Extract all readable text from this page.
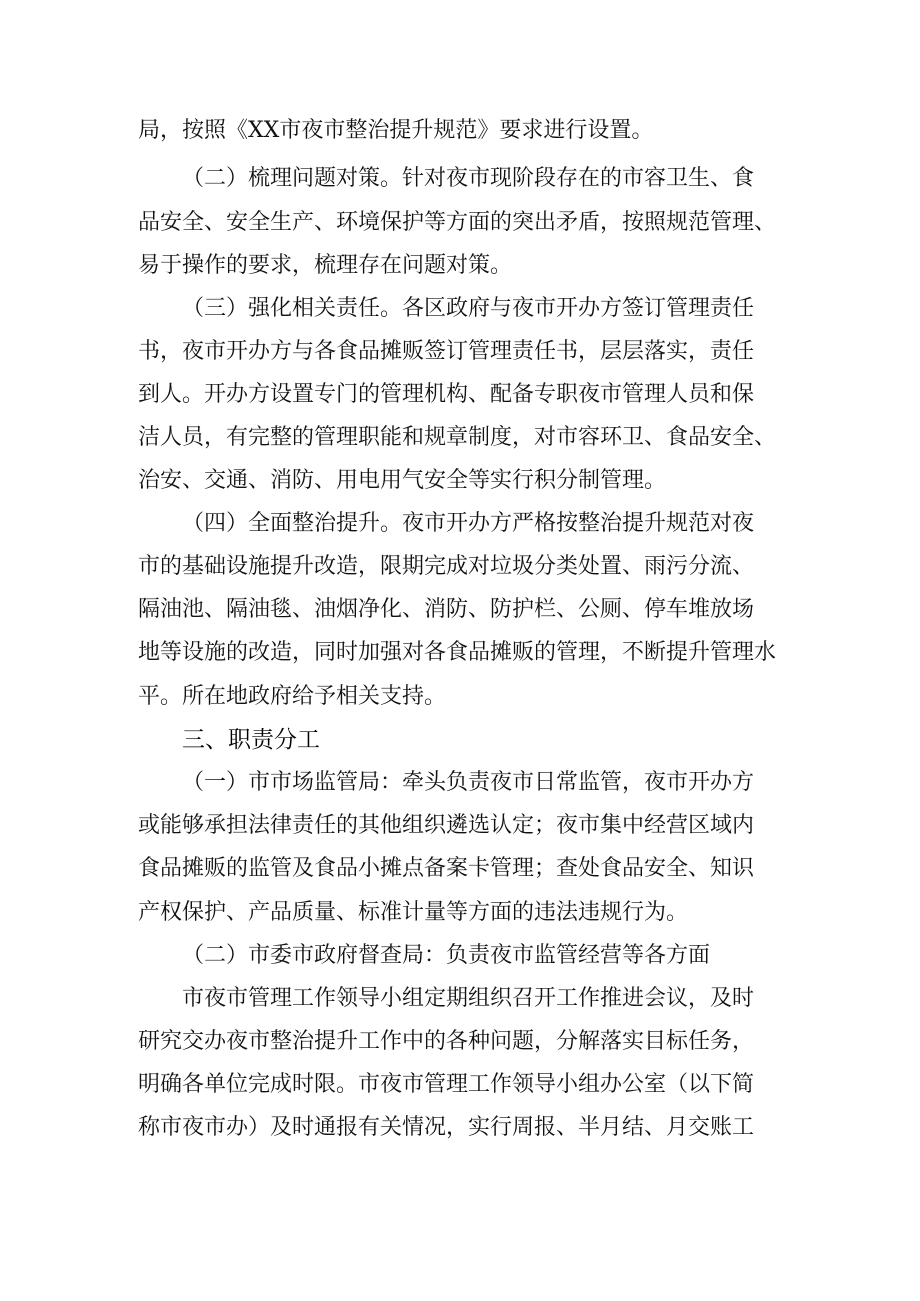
局，按照《XX市夜市整治提升规范》要求进行设置。
（二）梳理问题对策。针对夜市现阶段存在的市容卫生、食
品安全、安全生产、环境保护等方面的突出矛盾，按照规范管理、
易于操作的要求，梳理存在问题对策。
（三）强化相关责任。各区政府与夜市开办方签订管理责任
书，夜市开办方与各食品摊贩签订管理责任书，层层落实，责任
到人。开办方设置专门的管理机构、配备专职夜市管理人员和保
洁人员，有完整的管理职能和规章制度，对市容环卫、食品安全、
治安、交通、消防、用电用气安全等实行积分制管理。
（四）全面整治提升。夜市开办方严格按整治提升规范对夜
市的基础设施提升改造，限期完成对垃圾分类处置、雨污分流、
隔油池、隔油毯、油烟净化、消防、防护栏、公厕、停车堆放场
地等设施的改造，同时加强对各食品摊贩的管理，不断提升管理水
平。所在地政府给予相关支持。
三、职责分工
（一）市市场监管局：牵头负责夜市日常监管，夜市开办方
或能够承担法律责任的其他组织遴选认定；夜市集中经营区域内
食品摊贩的监管及食品小摊点备案卡管理；查处食品安全、知识
产权保护、产品质量、标准计量等方面的违法违规行为。
（二）市委市政府督查局：负责夜市监管经营等各方面
市夜市管理工作领导小组定期组织召开工作推进会议，及时
研究交办夜市整治提升工作中的各种问题，分解落实目标任务，
明确各单位完成时限。市夜市管理工作领导小组办公室（以下简
称市夜市办）及时通报有关情况，实行周报、半月结、月交账工
